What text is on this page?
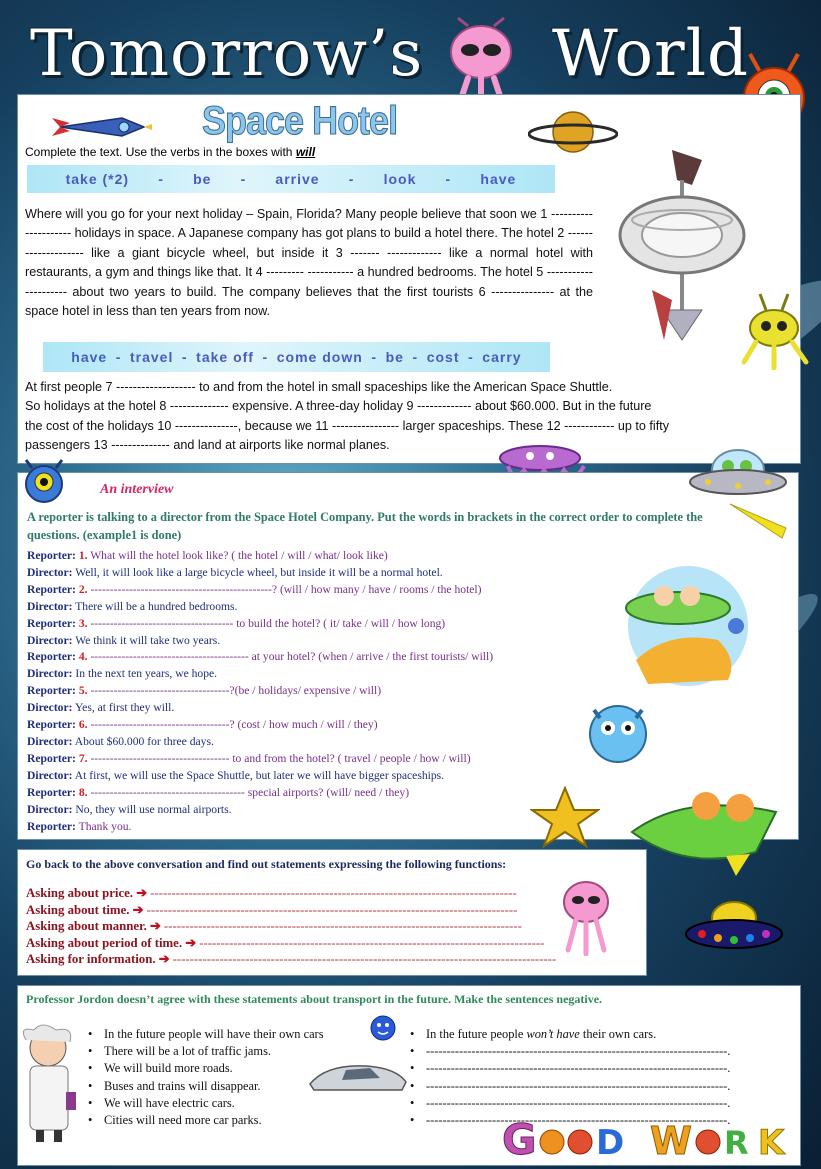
Tomorrow’s World
Space Hotel
Complete the text. Use the verbs in the boxes with will
take (*2) - be - arrive - look - have
Where will you go for your next holiday – Spain, Florida? Many people believe that soon we 1 --------------------- holidays in space. A Japanese company has got plans to build a hotel there. The hotel 2 -------------------- like a giant bicycle wheel, but inside it 3 ------- ------------- like a normal hotel with restaurants, a gym and things like that. It 4 --------- ----------- a hundred bedrooms. The hotel 5 --------------------- about two years to build. The company believes that the first tourists 6 --------------- at the space hotel in less than ten years from now.
have - travel - take off - come down - be - cost - carry
At first people 7 ------------------- to and from the hotel in small spaceships like the American Space Shuttle.
So holidays at the hotel 8 -------------- expensive. A three-day holiday 9 ------------- about $60.000. But in the future
the cost of the holidays 10 ---------------, because we 11 ---------------- larger spaceships. These 12 ------------ up to fifty
passengers 13 -------------- and land at airports like normal planes.
An interview
A reporter is talking to a director from the Space Hotel Company. Put the words in brackets in the correct order to complete the questions. (example1 is done)
Reporter: 1. What will the hotel look like? ( the hotel / will / what/ look like)
Director: Well, it will look like a large bicycle wheel, but inside it will be a normal hotel.
Reporter: 2. -----------------------------------------------? (will / how many / have / rooms / the hotel)
Director: There will be a hundred bedrooms.
Reporter: 3. ------------------------------------- to build the hotel? ( it/ take / will / how long)
Director: We think it will take two years.
Reporter: 4. ----------------------------------------- at your hotel? (when / arrive / the first tourists/ will)
Director: In the next ten years, we hope.
Reporter: 5. ------------------------------------?(be / holidays/ expensive / will)
Director: Yes, at first they will.
Reporter: 6. ------------------------------------? (cost / how much / will / they)
Director: About $60.000 for three days.
Reporter: 7. ------------------------------------ to and from the hotel? ( travel / people / how / will)
Director: At first, we will use the Space Shuttle, but later we will have bigger spaceships.
Reporter: 8. ---------------------------------------- special airports? (will/ need / they)
Director: No, they will use normal airports.
Reporter: Thank you.
Go back to the above conversation and find out statements expressing the following functions:
Asking about price. ➔ --------------------------------------------------------------------------------------
Asking about time. ➔ ---------------------------------------------------------------------------------------
Asking about manner. ➔ ------------------------------------------------------------------------------------
Asking about period of time. ➔ ---------------------------------------------------------------------------------
Asking for information. ➔ ------------------------------------------------------------------------------------------
Professor Jordon doesn’t agree with these statements about transport in the future. Make the sentences negative.
• In the future people will have their own cars
• There will be a lot of traffic jams.
• We will build more roads.
• Buses and trains will disappear.
• We will have electric cars.
• Cities will need more car parks.
• In the future people won’t have their own cars.
• -------------------------------------------------------------------------.
• -------------------------------------------------------------------------.
• -------------------------------------------------------------------------.
• -------------------------------------------------------------------------.
• -------------------------------------------------------------------------.
G D W R K
